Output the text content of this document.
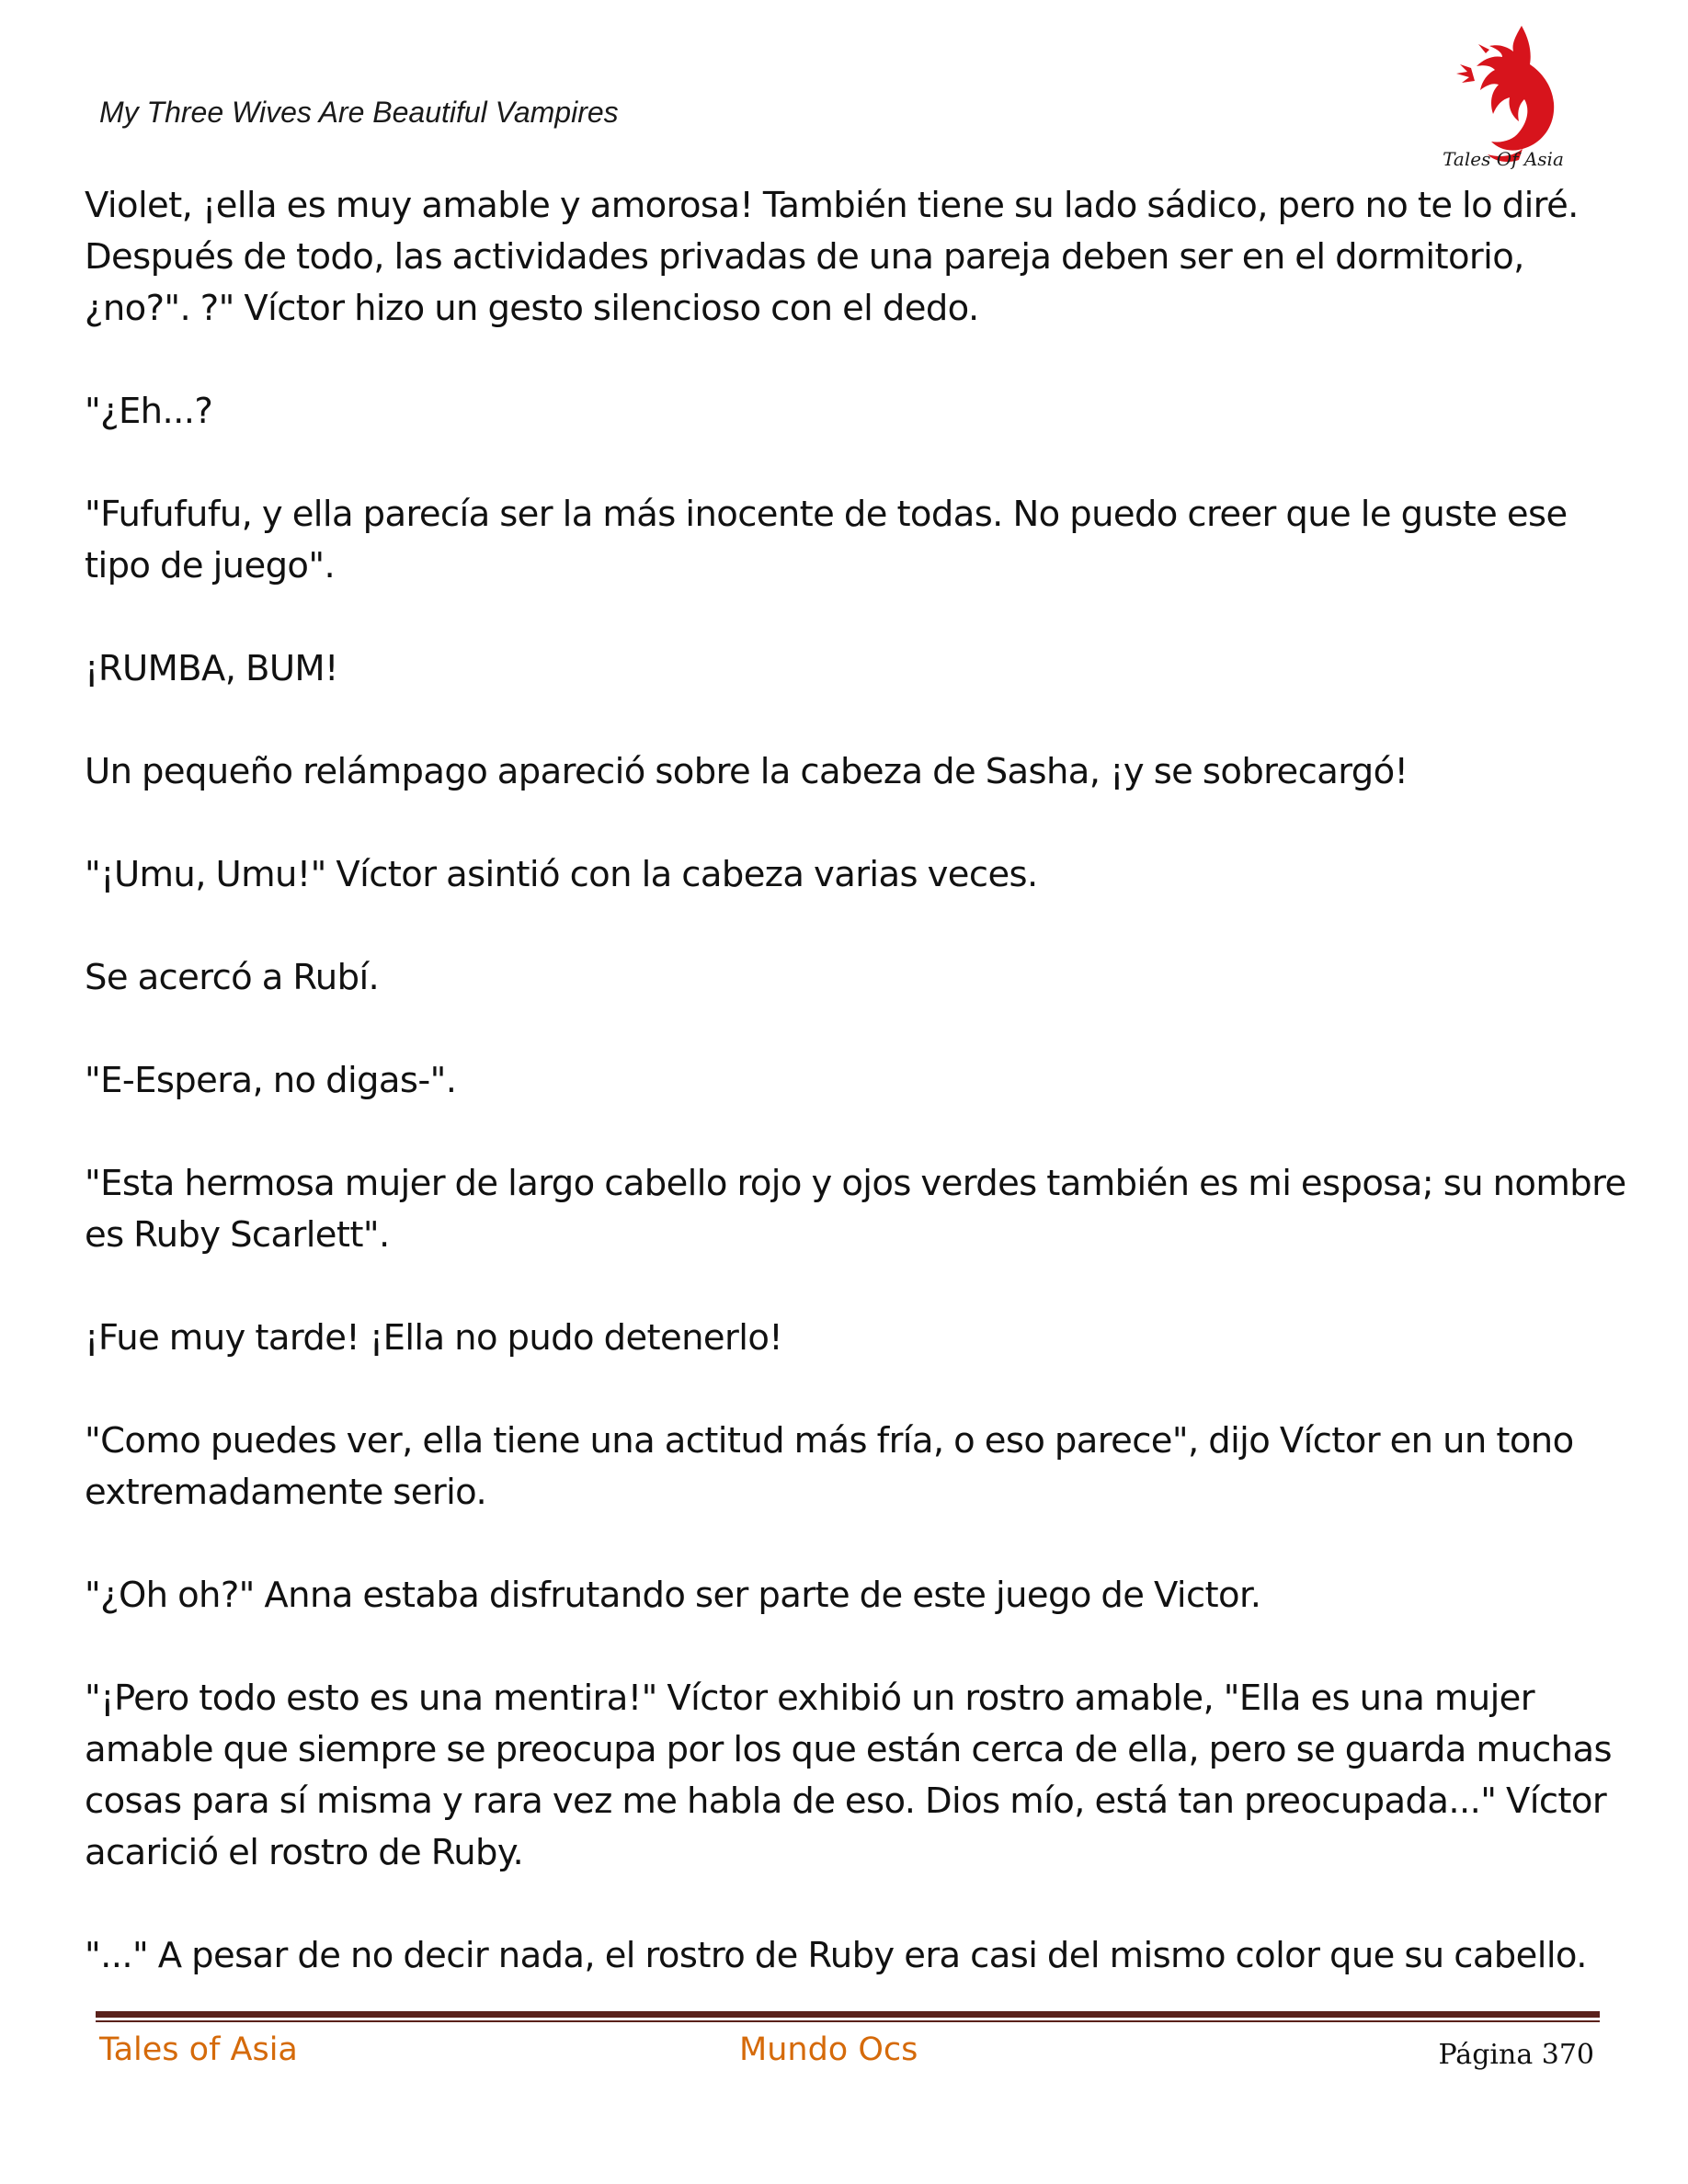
My Three Wives Are Beautiful Vampires
Tales Of Asia

Violet, ¡ella es muy amable y amorosa! También tiene su lado sádico, pero no te lo diré. Después de todo, las actividades privadas de una pareja deben ser en el dormitorio, ¿no?". ?" Víctor hizo un gesto silencioso con el dedo.

"¿Eh...?

"Fufufufu, y ella parecía ser la más inocente de todas. No puedo creer que le guste ese tipo de juego".

¡RUMBA, BUM!

Un pequeño relámpago apareció sobre la cabeza de Sasha, ¡y se sobrecargó!

"¡Umu, Umu!" Víctor asintió con la cabeza varias veces.

Se acercó a Rubí.

"E-Espera, no digas-".

"Esta hermosa mujer de largo cabello rojo y ojos verdes también es mi esposa; su nombre es Ruby Scarlett".

¡Fue muy tarde! ¡Ella no pudo detenerlo!

"Como puedes ver, ella tiene una actitud más fría, o eso parece", dijo Víctor en un tono extremadamente serio.

"¿Oh oh?" Anna estaba disfrutando ser parte de este juego de Victor.

"¡Pero todo esto es una mentira!" Víctor exhibió un rostro amable, "Ella es una mujer amable que siempre se preocupa por los que están cerca de ella, pero se guarda muchas cosas para sí misma y rara vez me habla de eso. Dios mío, está tan preocupada..." Víctor acarició el rostro de Ruby.

"..." A pesar de no decir nada, el rostro de Ruby era casi del mismo color que su cabello.

Tales of Asia	Mundo Ocs	Página 370
